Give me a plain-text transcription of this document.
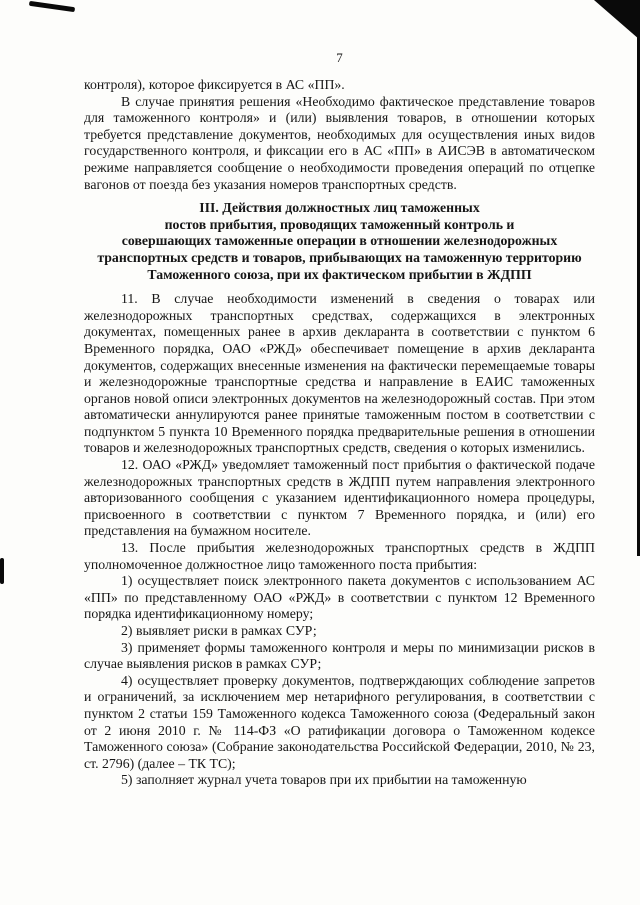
7

контроля), которое фиксируется в АС «ПП».

В случае принятия решения «Необходимо фактическое представление товаров для таможенного контроля» и (или) выявления товаров, в отношении которых требуется представление документов, необходимых для осуществления иных видов государственного контроля, и фиксации его в АС «ПП» в АИСЭВ в автоматическом режиме направляется сообщение о необходимости проведения операций по отцепке вагонов от поезда без указания номеров транспортных средств.

III. Действия должностных лиц таможенных
постов прибытия, проводящих таможенный контроль и
совершающих таможенные операции в отношении железнодорожных
транспортных средств и товаров, прибывающих на таможенную территорию
Таможенного союза, при их фактическом прибытии в ЖДПП

11. В случае необходимости изменений в сведения о товарах или железнодорожных транспортных средствах, содержащихся в электронных документах, помещенных ранее в архив декларанта в соответствии с пунктом 6 Временного порядка, ОАО «РЖД» обеспечивает помещение в архив декларанта документов, содержащих внесенные изменения на фактически перемещаемые товары и железнодорожные транспортные средства и направление в ЕАИС таможенных органов новой описи электронных документов на железнодорожный состав. При этом автоматически аннулируются ранее принятые таможенным постом в соответствии с подпунктом 5 пункта 10 Временного порядка предварительные решения в отношении товаров и железнодорожных транспортных средств, сведения о которых изменились.

12. ОАО «РЖД» уведомляет таможенный пост прибытия о фактической подаче железнодорожных транспортных средств в ЖДПП путем направления электронного авторизованного сообщения с указанием идентификационного номера процедуры, присвоенного в соответствии с пунктом 7 Временного порядка, и (или) его представления на бумажном носителе.

13. После прибытия железнодорожных транспортных средств в ЖДПП уполномоченное должностное лицо таможенного поста прибытия:

1) осуществляет поиск электронного пакета документов с использованием АС «ПП» по представленному ОАО «РЖД» в соответствии с пунктом 12 Временного порядка идентификационному номеру;

2) выявляет риски в рамках СУР;

3) применяет формы таможенного контроля и меры по минимизации рисков в случае выявления рисков в рамках СУР;

4) осуществляет проверку документов, подтверждающих соблюдение запретов и ограничений, за исключением мер нетарифного регулирования, в соответствии с пунктом 2 статьи 159 Таможенного кодекса Таможенного союза (Федеральный закон от 2 июня 2010 г. № 114-ФЗ «О ратификации договора о Таможенном кодексе Таможенного союза» (Собрание законодательства Российской Федерации, 2010, № 23, ст. 2796) (далее – ТК ТС);

5) заполняет журнал учета товаров при их прибытии на таможенную
